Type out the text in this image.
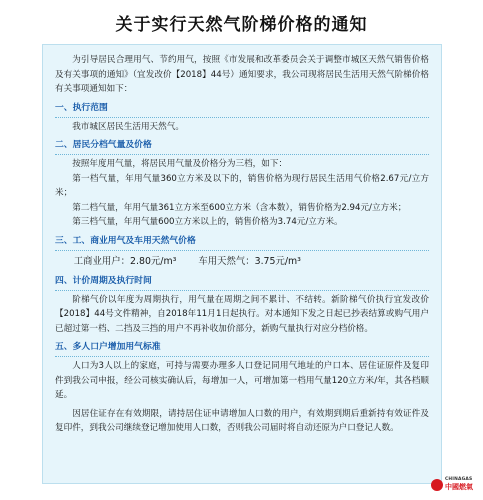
关于实行天然气阶梯价格的通知

为引导居民合理用气、节约用气，按照《市发展和改革委员会关于调整市城区天然气销售价格及有关事项的通知》（宜发改价【2018】44号）通知要求，我公司现将居民生活用天然气阶梯价格有关事项通知如下：

一、执行范围

我市城区居民生活用天然气。

二、居民分档气量及价格

按照年度用气量，将居民用气量及价格分为三档，如下：

第一档气量，年用气量360立方米及以下的，销售价格为现行居民生活用气价格2.67元/立方米；

第二档气量，年用气量361立方米至600立方米（含本数），销售价格为2.94元/立方米；

第三档气量，年用气量600立方米以上的，销售价格为3.74元/立方米。

三、工、商业用气及车用天然气价格

工商业用户：2.80元/m³ 车用天然气：3.75元/m³

四、计价周期及执行时间

阶梯气价以年度为周期执行，用气量在周期之间不累计、不结转。新阶梯气价执行宜发改价【2018】44号文件精神，自2018年11月1日起执行。对本通知下发之日起已抄表结算或购气用户已超过第一档、二挡及三挡的用户不再补收加价部分，新购气量执行对应分档价格。

五、多人口户增加用气标准

人口为3人以上的家庭，可持与需要办理多人口登记同用气地址的户口本、居住证原件及复印件到我公司申报，经公司核实确认后，每增加一人，可增加第一档用气量120立方米/年，其各档顺延。

因居住证存在有效期限，请持居住证申请增加人口数的用户，有效期到期后重新持有效证件及复印件，到我公司继续登记增加使用人口数，否则我公司届时将自动还原为户口登记人数。

CHINAGAS
中國燃氣
